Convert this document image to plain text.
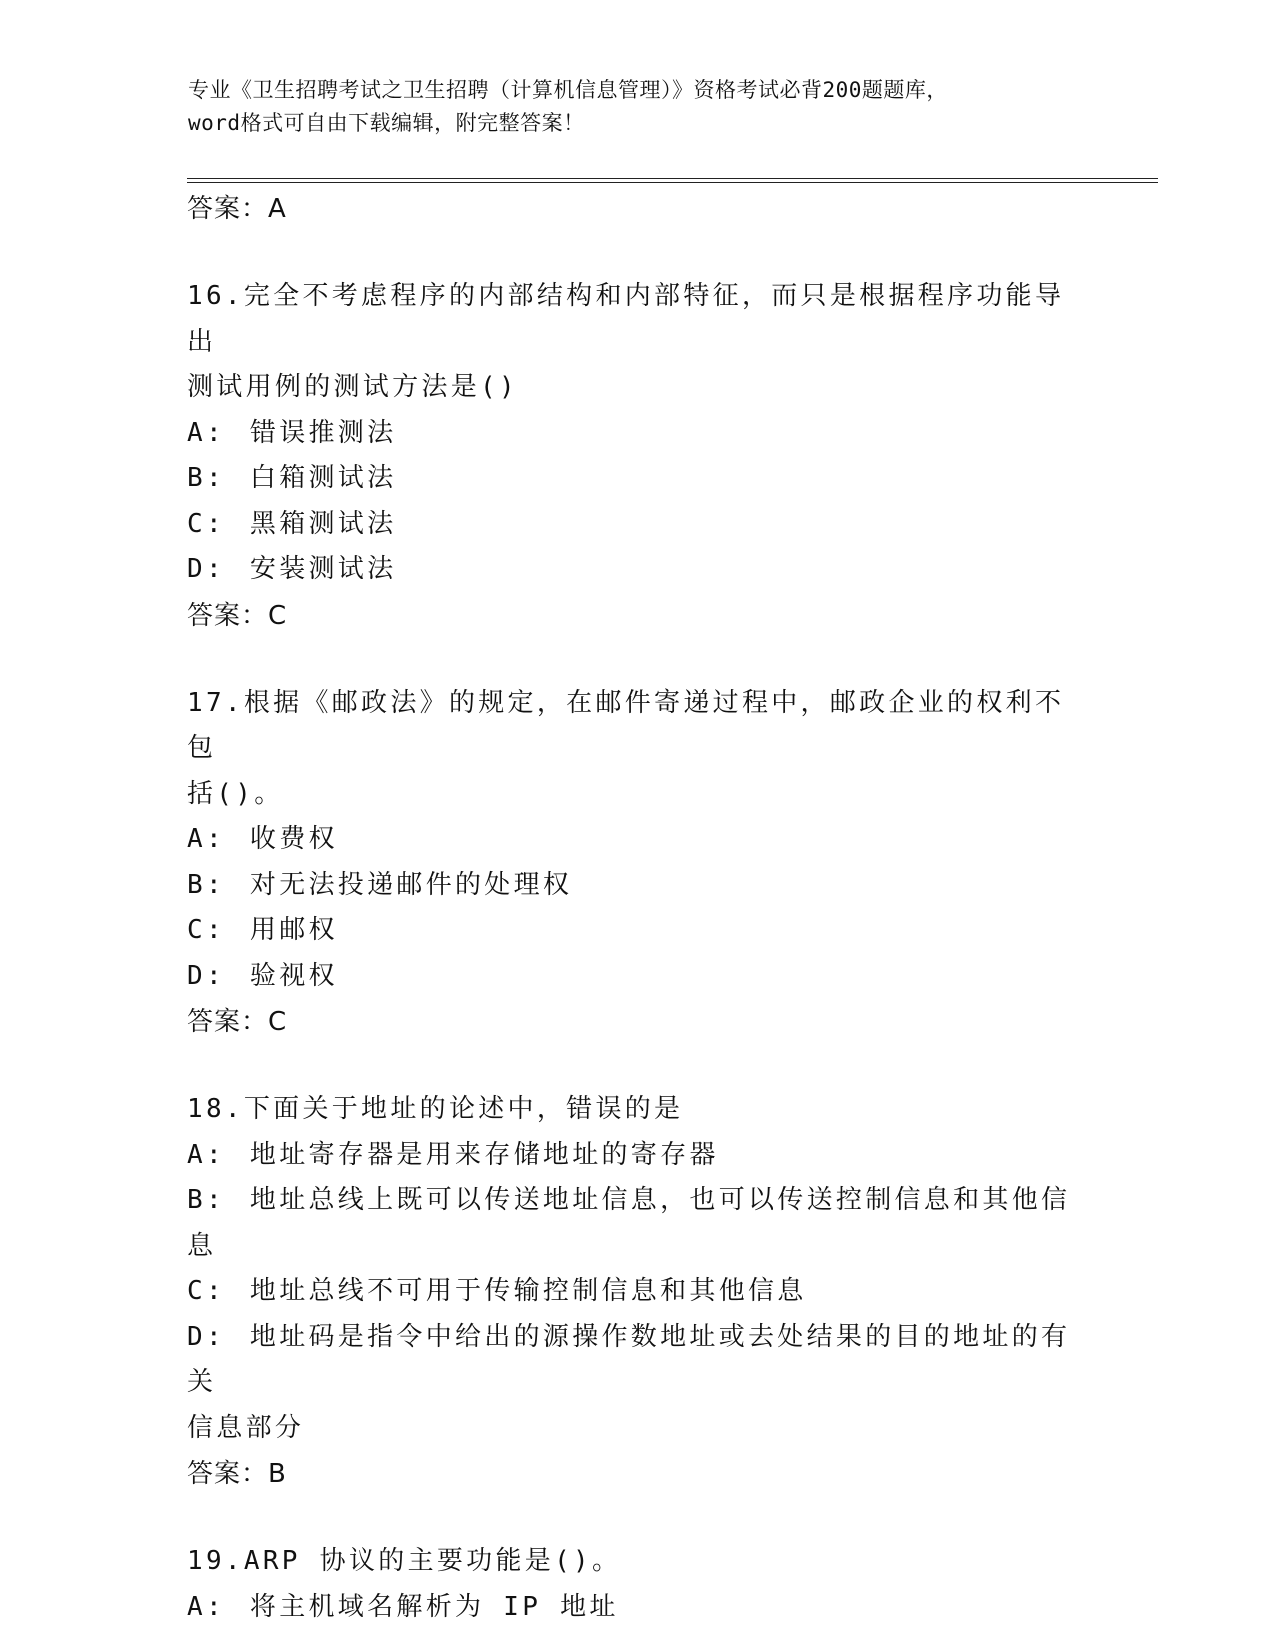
专业《卫生招聘考试之卫生招聘（计算机信息管理）》资格考试必背200题题库，
word格式可自由下载编辑，附完整答案！
答案：A
16.完全不考虑程序的内部结构和内部特征，而只是根据程序功能导出
测试用例的测试方法是()
A: 错误推测法
B: 白箱测试法
C: 黑箱测试法
D: 安装测试法
答案：C
17.根据《邮政法》的规定，在邮件寄递过程中，邮政企业的权利不包
括()。
A: 收费权
B: 对无法投递邮件的处理权
C: 用邮权
D: 验视权
答案：C
18.下面关于地址的论述中，错误的是
A: 地址寄存器是用来存储地址的寄存器
B: 地址总线上既可以传送地址信息，也可以传送控制信息和其他信息
C: 地址总线不可用于传输控制信息和其他信息
D: 地址码是指令中给出的源操作数地址或去处结果的目的地址的有关
信息部分
答案：B
19.ARP 协议的主要功能是()。
A: 将主机域名解析为 IP 地址
